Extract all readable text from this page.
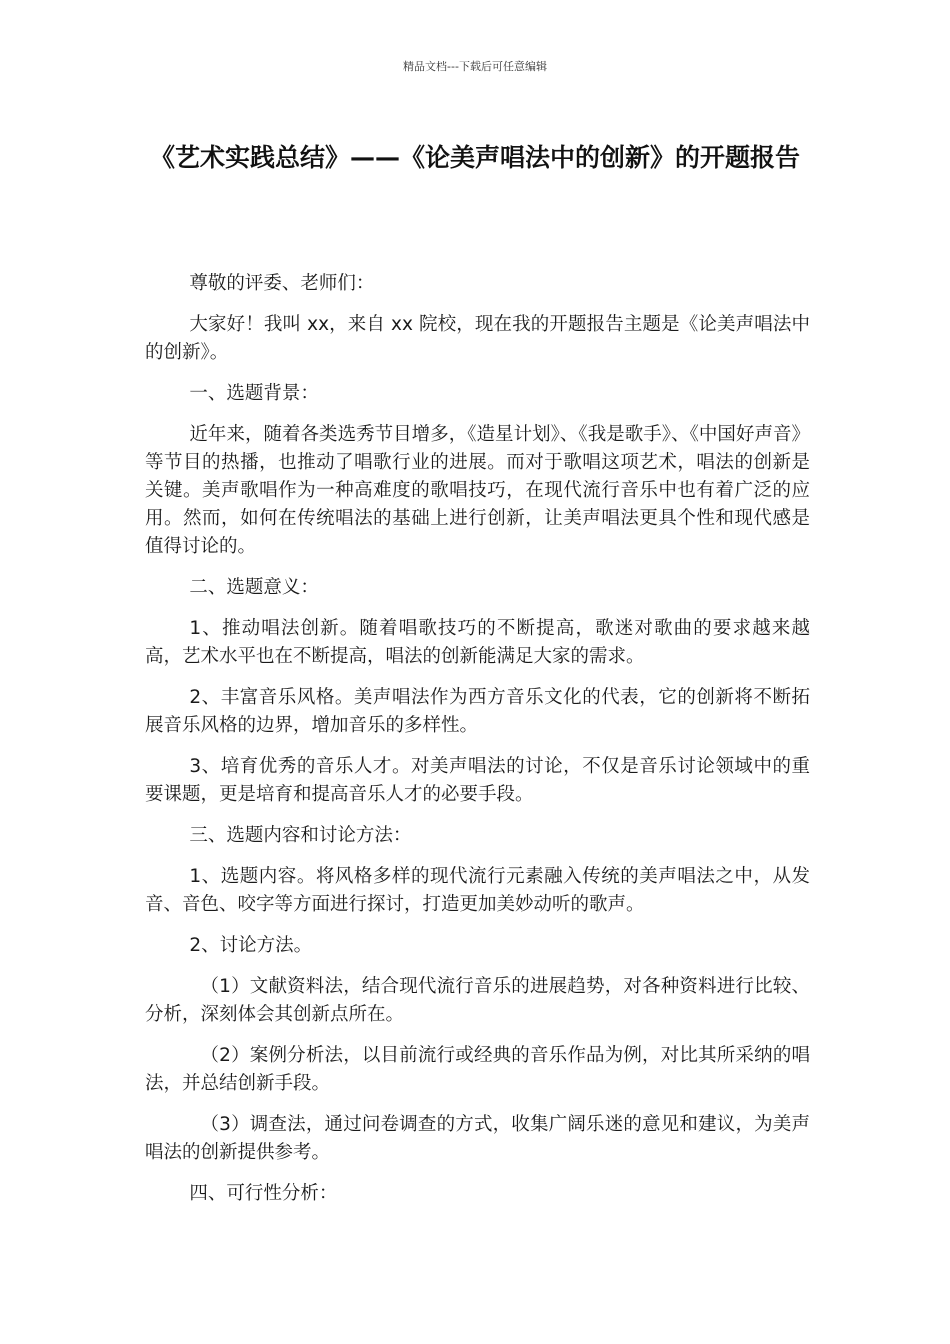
精品文档---下载后可任意编辑
《艺术实践总结》——《论美声唱法中的创新》的开题报告

尊敬的评委、老师们：

大家好！我叫 xx，来自 xx 院校，现在我的开题报告主题是《论美声唱法中的创新》。

一、选题背景：

近年来，随着各类选秀节目增多，《造星计划》、《我是歌手》、《中国好声音》等节目的热播，也推动了唱歌行业的进展。而对于歌唱这项艺术，唱法的创新是关键。美声歌唱作为一种高难度的歌唱技巧，在现代流行音乐中也有着广泛的应用。然而，如何在传统唱法的基础上进行创新，让美声唱法更具个性和现代感是值得讨论的。

二、选题意义：

1、推动唱法创新。随着唱歌技巧的不断提高，歌迷对歌曲的要求越来越高，艺术水平也在不断提高，唱法的创新能满足大家的需求。

2、丰富音乐风格。美声唱法作为西方音乐文化的代表，它的创新将不断拓展音乐风格的边界，增加音乐的多样性。

3、培育优秀的音乐人才。对美声唱法的讨论，不仅是音乐讨论领域中的重要课题，更是培育和提高音乐人才的必要手段。

三、选题内容和讨论方法：

1、选题内容。将风格多样的现代流行元素融入传统的美声唱法之中，从发音、音色、咬字等方面进行探讨，打造更加美妙动听的歌声。

2、讨论方法。

（1）文献资料法，结合现代流行音乐的进展趋势，对各种资料进行比较、分析，深刻体会其创新点所在。

（2）案例分析法，以目前流行或经典的音乐作品为例，对比其所采纳的唱法，并总结创新手段。

（3）调查法，通过问卷调查的方式，收集广阔乐迷的意见和建议，为美声唱法的创新提供参考。

四、可行性分析：
